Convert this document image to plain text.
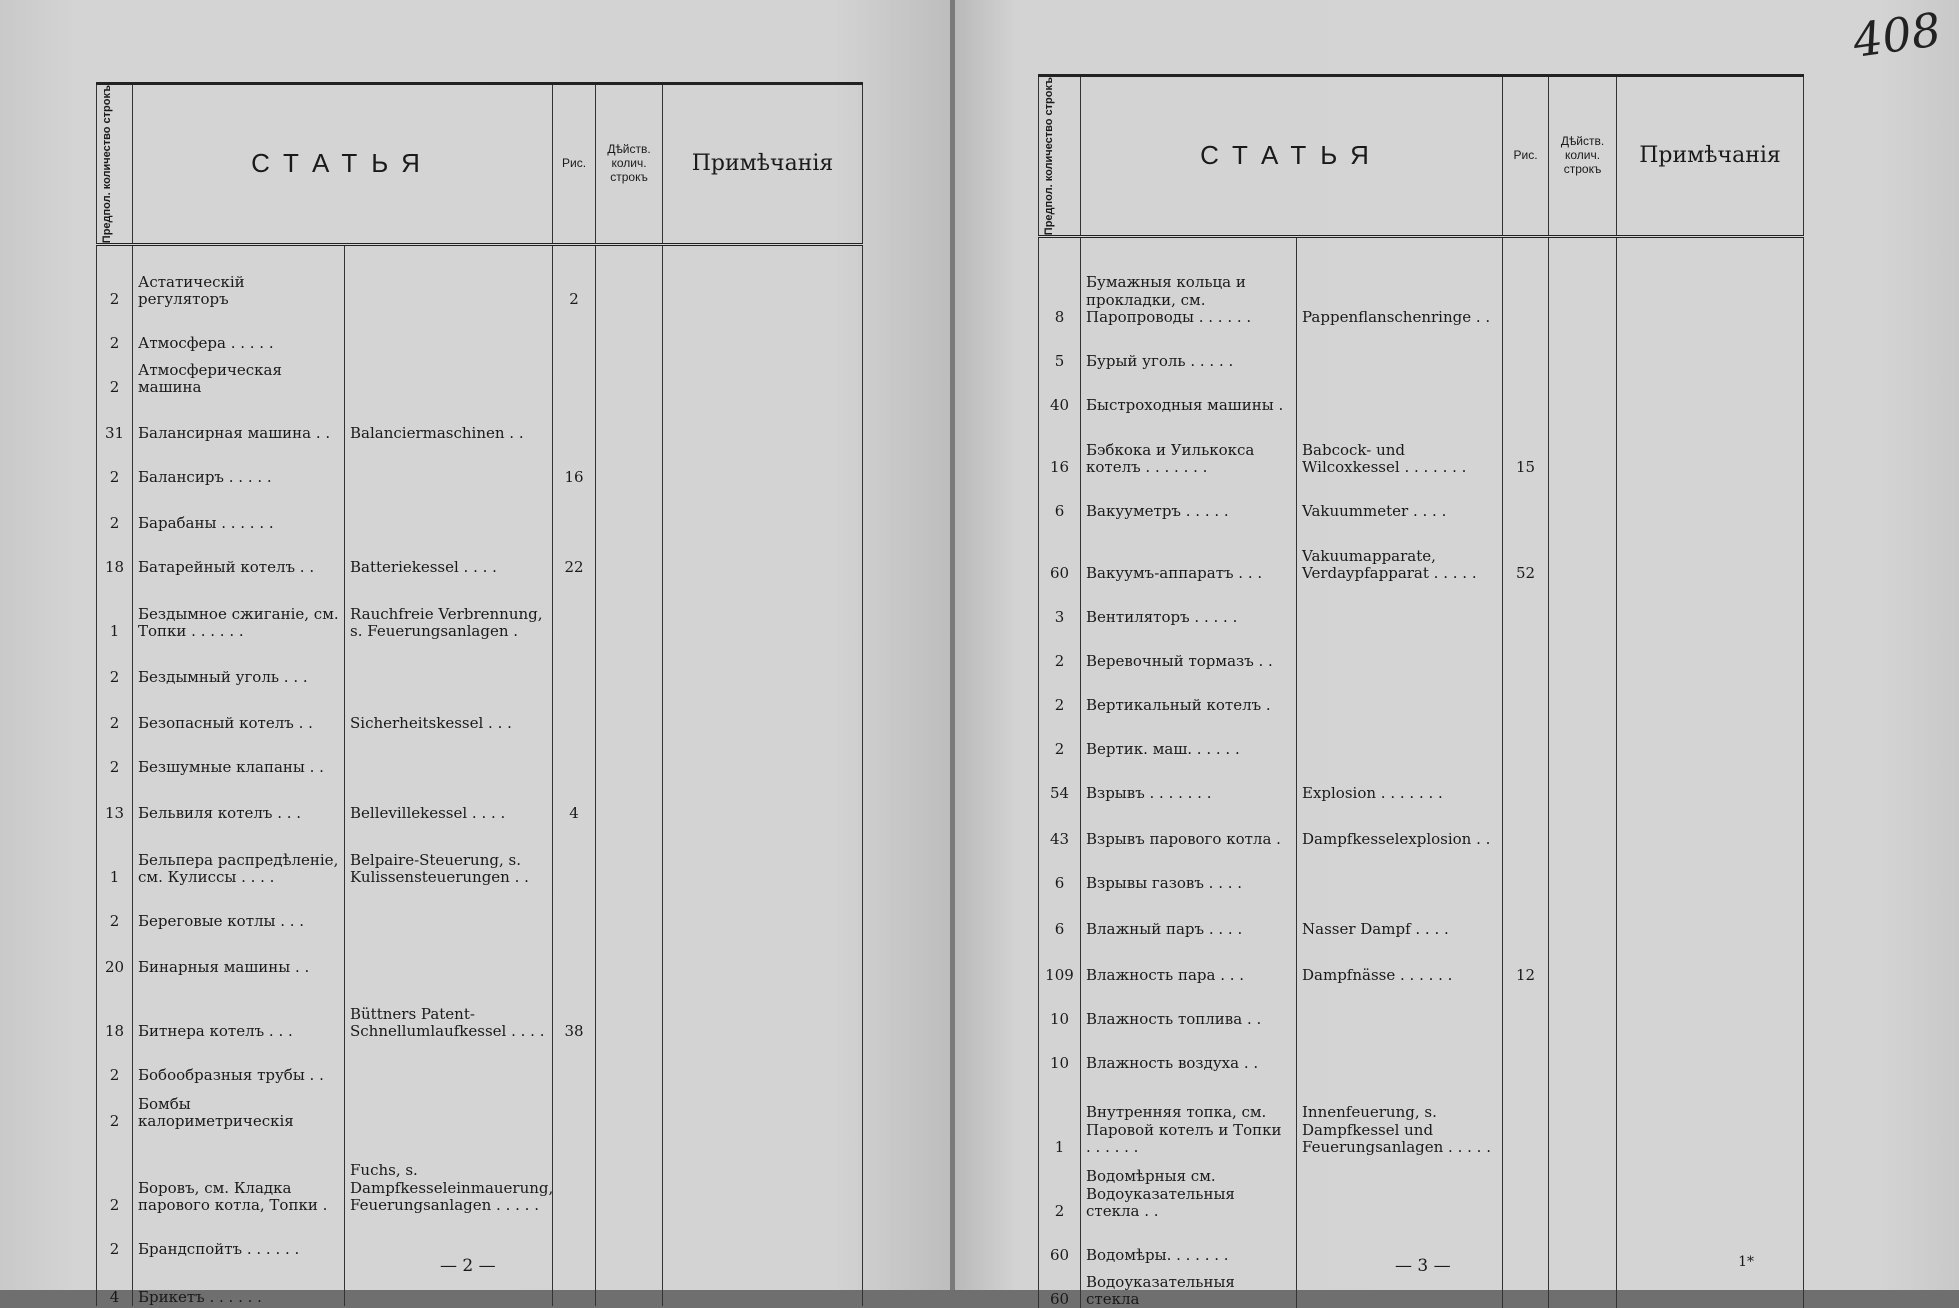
Предпол. количество строкъ	СТАТЬЯ		Рис.	Дѣйств. колич. строкъ	Примѣчанія

2	Астатическій регуляторъ		2		
2	Атмосфера . . . . .				
2	Атмосферическая машина				
31	Балансирная машина . .	Balanciermaschinen . .			
2	Балансиръ . . . . .		16		
2	Барабаны . . . . . .				
18	Батарейный котелъ . .	Batteriekessel . . . .	22		
1	Бездымное сжиганіе, см. Топки . . . . . .	Rauchfreie Verbrennung, s. Feuerungsanlagen .			
2	Бездымный уголь . . .				
2	Безопасный котелъ . .	Sicherheitskessel . . .			
2	Безшумные клапаны . .				
13	Бельвиля котелъ . . .	Bellevillekessel . . . .	4		
1	Бельпера распредѣленіе, см. Кулиссы . . . .	Belpaire-Steuerung, s. Kulissensteuerungen . .			
2	Береговые котлы . . .				
20	Бинарныя машины . .				
18	Битнера котелъ . . .	Büttners Patent-Schnellumlaufkessel . . . .	38		
2	Бобообразныя трубы . .				
2	Бомбы калориметрическія				
2	Боровъ, см. Кладка парового котла, Топки .	Fuchs, s. Dampfkesseleinmauerung, Feuerungsanlagen . . . . .			
2	Брандспойтъ . . . . . .				
4	Брикетъ . . . . . .				
— 2 —
Предпол. количество строкъ	СТАТЬЯ		Рис.	Дѣйств. колич. строкъ	Примѣчанія

8	Бумажныя кольца и прокладки, см. Паропроводы . . . . . .	Pappenflanschenringe . .			
5	Бурый уголь . . . . .				
40	Быстроходныя машины .				
16	Бэбкока и Уилькокса котелъ . . . . . . .	Babcock- und Wilcoxkessel . . . . . . .	15		
6	Вакууметръ . . . . .	Vakuummeter . . . .			
60	Вакуумъ-аппаратъ . . .	Vakuumapparate, Verdaypfapparat . . . . .	52		
3	Вентиляторъ . . . . .				
2	Веревочный тормазъ . .				
2	Вертикальный котелъ .				
2	Вертик. маш. . . . . .				
54	Взрывъ . . . . . . .	Explosion . . . . . . .			
43	Взрывъ парового котла .	Dampfkesselexplosion . .			
6	Взрывы газовъ . . . .				
6	Влажный паръ . . . .	Nasser Dampf . . . .			
109	Влажность пара . . .	Dampfnässe . . . . . .	12		
10	Влажность топлива . .				
10	Влажность воздуха . .				
1	Внутренняя топка, см. Паровой котелъ и Топки . . . . . .	Innenfeuerung, s. Dampfkessel und Feuerungsanlagen . . . . .			
2	Водомѣрныя см. Водоуказательныя стекла . .				
60	Водомѣры. . . . . . .				
60	Водоуказательныя стекла				
— 3 —	1*
408
